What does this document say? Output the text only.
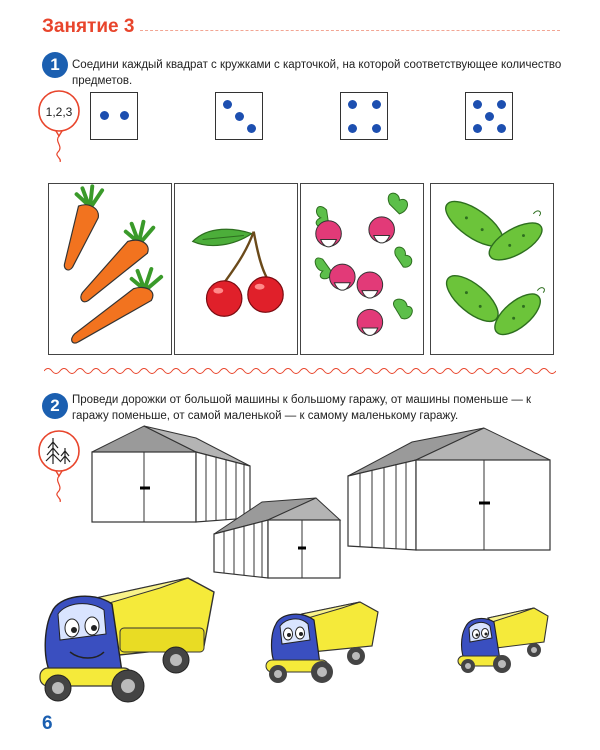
Занятие 3
1	Соедини каждый квадрат с кружками с карточкой, на которой соответствующее количество предметов.
1,2,3
2	Проведи дорожки от большой машины к большому гаражу, от машины поменьше — к гаражу поменьше, от самой маленькой — к самому маленькому гаражу.
6
